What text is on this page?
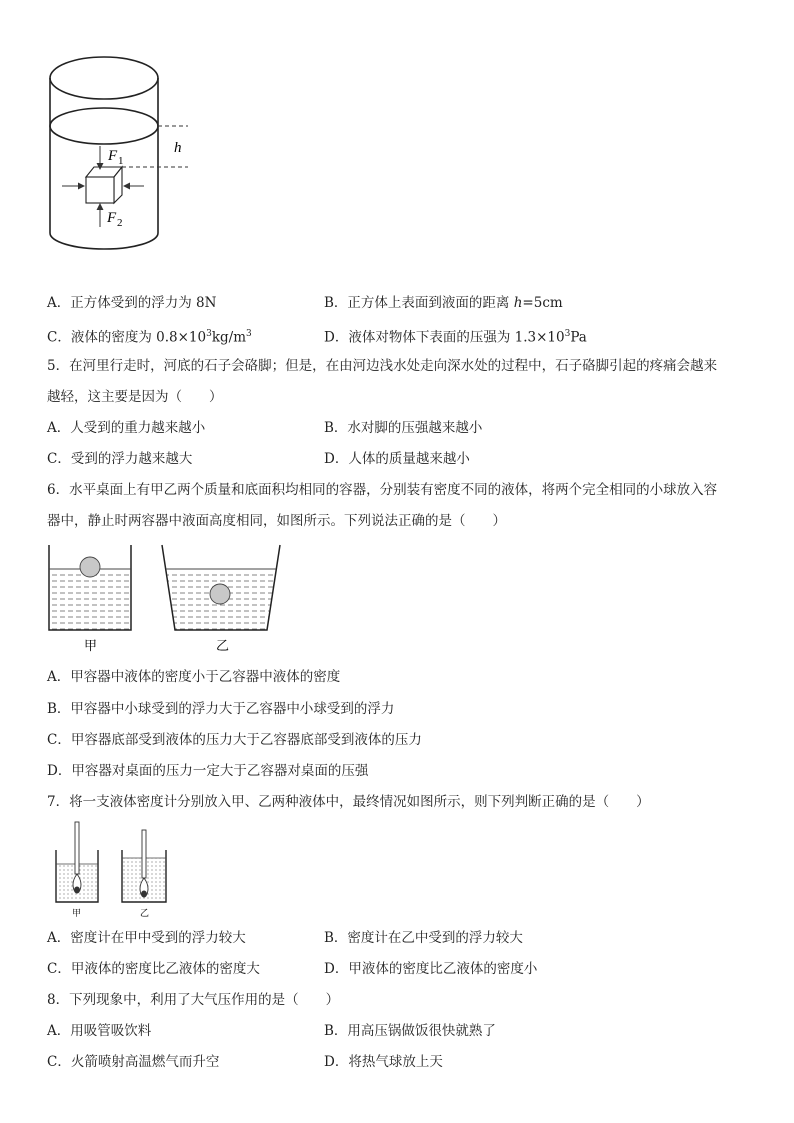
h
F 1
F 2
A．正方体受到的浮力为 8N	B．正方体上表面到液面的距离 h=5cm
C．液体的密度为 $0.8\times 10^3kg/m^3$	D．液体对物体下表面的压强为 $1.3\times 10^3Pa$
5．在河里行走时，河底的石子会硌脚；但是，在由河边浅水处走向深水处的过程中，石子硌脚引起的疼痛会越来
越轻，这主要是因为（　　）
A．人受到的重力越来越小	B．水对脚的压强越来越小
C．受到的浮力越来越大	D．人体的质量越来越小
6．水平桌面上有甲乙两个质量和底面积均相同的容器，分别装有密度不同的液体，将两个完全相同的小球放入容
器中，静止时两容器中液面高度相同，如图所示。下列说法正确的是（　　）
甲	乙
A．甲容器中液体的密度小于乙容器中液体的密度
B．甲容器中小球受到的浮力大于乙容器中小球受到的浮力
C．甲容器底部受到液体的压力大于乙容器底部受到液体的压力
D．甲容器对桌面的压力一定大于乙容器对桌面的压强
7．将一支液体密度计分别放入甲、乙两种液体中，最终情况如图所示，则下列判断正确的是（　　）
甲	乙
A．密度计在甲中受到的浮力较大	B．密度计在乙中受到的浮力较大
C．甲液体的密度比乙液体的密度大	D．甲液体的密度比乙液体的密度小
8．下列现象中，利用了大气压作用的是（　　）
A．用吸管吸饮料	B．用高压锅做饭很快就熟了
C．火箭喷射高温燃气而升空	D．将热气球放上天
